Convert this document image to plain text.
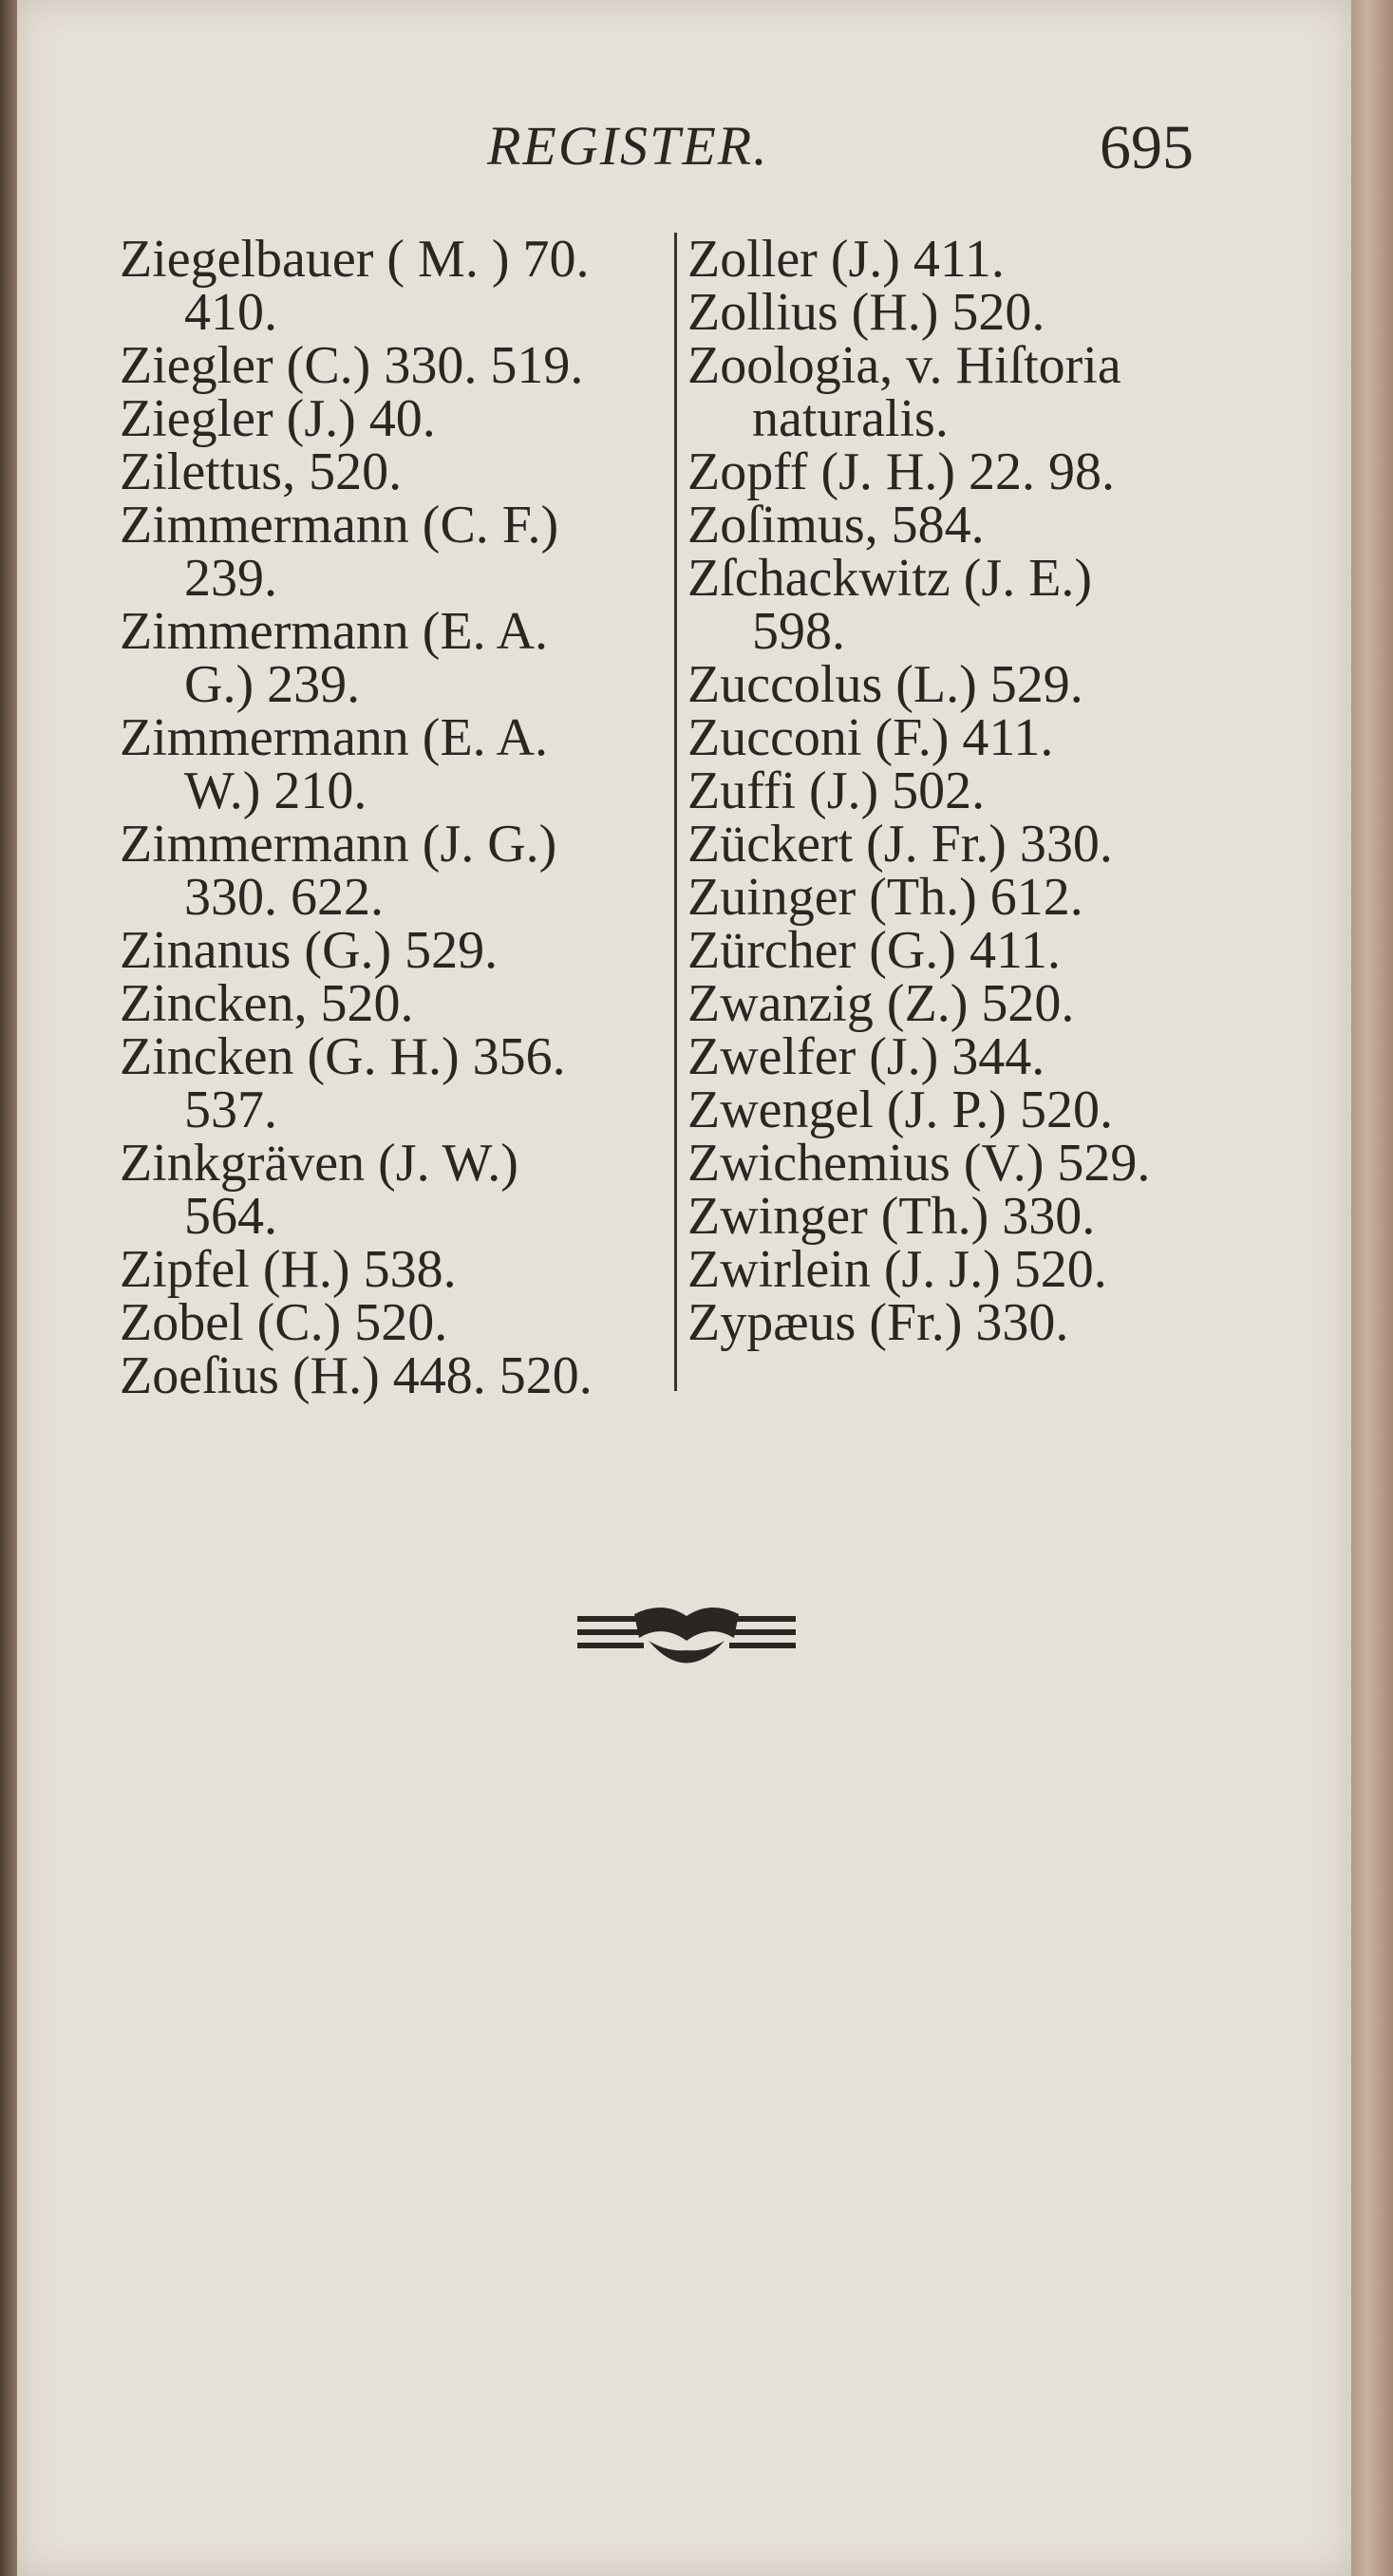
REGISTER.	695
Ziegelbauer ( M. ) 70.
410.
Ziegler (C.) 330. 519.
Ziegler (J.) 40.
Zilettus, 520.
Zimmermann (C. F.)
239.
Zimmermann (E. A.
G.) 239.
Zimmermann (E. A.
W.) 210.
Zimmermann (J. G.)
330. 622.
Zinanus (G.) 529.
Zincken, 520.
Zincken (G. H.) 356.
537.
Zinkgräven (J. W.)
564.
Zipfel (H.) 538.
Zobel (C.) 520.
Zoeſius (H.) 448. 520.
Zoller (J.) 411.
Zollius (H.) 520.
Zoologia, v. Hiſtoria
naturalis.
Zopff (J. H.) 22. 98.
Zoſimus, 584.
Zſchackwitz (J. E.)
598.
Zuccolus (L.) 529.
Zucconi (F.) 411.
Zuffi (J.) 502.
Zückert (J. Fr.) 330.
Zuinger (Th.) 612.
Zürcher (G.) 411.
Zwanzig (Z.) 520.
Zwelfer (J.) 344.
Zwengel (J. P.) 520.
Zwichemius (V.) 529.
Zwinger (Th.) 330.
Zwirlein (J. J.) 520.
Zypæus (Fr.) 330.
